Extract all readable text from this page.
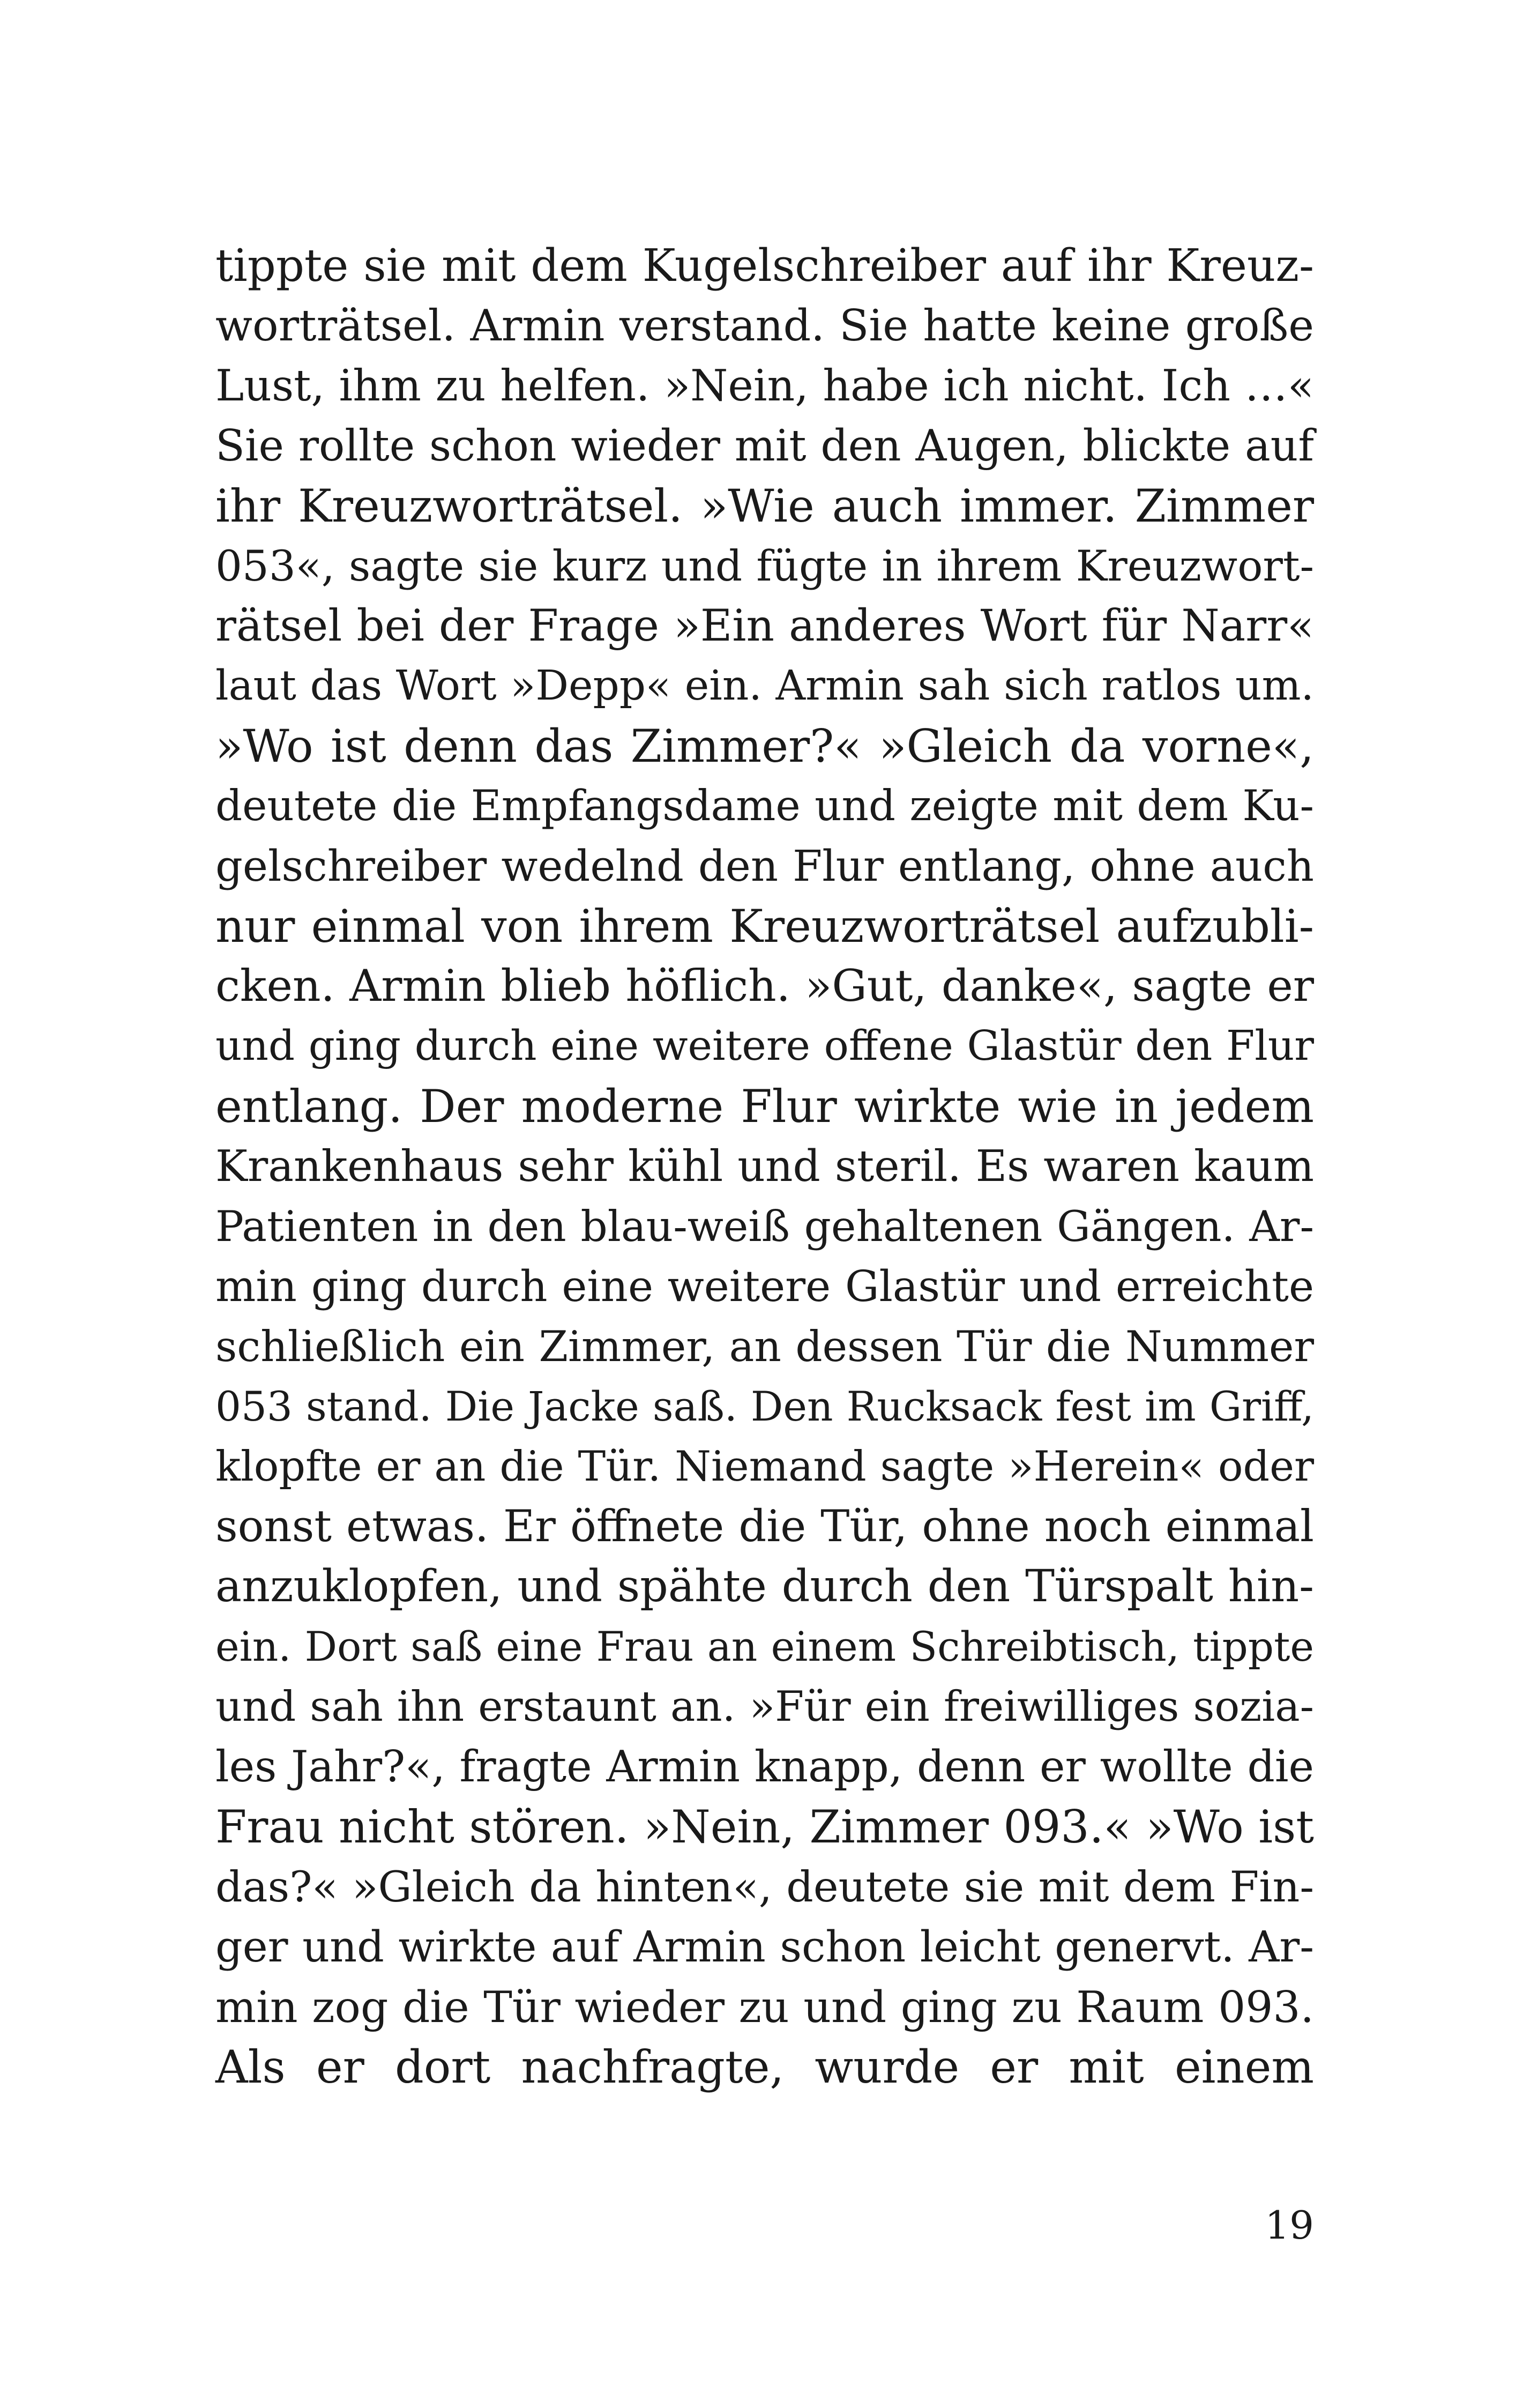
tippte sie mit dem Kugelschreiber auf ihr Kreuz-
worträtsel. Armin verstand. Sie hatte keine große
Lust, ihm zu helfen. »Nein, habe ich nicht. Ich …«
Sie rollte schon wieder mit den Augen, blickte auf
ihr Kreuzworträtsel. »Wie auch immer. Zimmer
053«, sagte sie kurz und fügte in ihrem Kreuzwort-
rätsel bei der Frage »Ein anderes Wort für Narr«
laut das Wort »Depp« ein. Armin sah sich ratlos um.
»Wo ist denn das Zimmer?« »Gleich da vorne«,
deutete die Empfangsdame und zeigte mit dem Ku-
gelschreiber wedelnd den Flur entlang, ohne auch
nur einmal von ihrem Kreuzworträtsel aufzubli-
cken. Armin blieb höflich. »Gut, danke«, sagte er
und ging durch eine weitere offene Glastür den Flur
entlang. Der moderne Flur wirkte wie in jedem
Krankenhaus sehr kühl und steril. Es waren kaum
Patienten in den blau-weiß gehaltenen Gängen. Ar-
min ging durch eine weitere Glastür und erreichte
schließlich ein Zimmer, an dessen Tür die Nummer
053 stand. Die Jacke saß. Den Rucksack fest im Griff,
klopfte er an die Tür. Niemand sagte »Herein« oder
sonst etwas. Er öffnete die Tür, ohne noch einmal
anzuklopfen, und spähte durch den Türspalt hin-
ein. Dort saß eine Frau an einem Schreibtisch, tippte
und sah ihn erstaunt an. »Für ein freiwilliges sozia-
les Jahr?«, fragte Armin knapp, denn er wollte die
Frau nicht stören. »Nein, Zimmer 093.« »Wo ist
das?« »Gleich da hinten«, deutete sie mit dem Fin-
ger und wirkte auf Armin schon leicht genervt. Ar-
min zog die Tür wieder zu und ging zu Raum 093.
Als er dort nachfragte, wurde er mit einem
19
